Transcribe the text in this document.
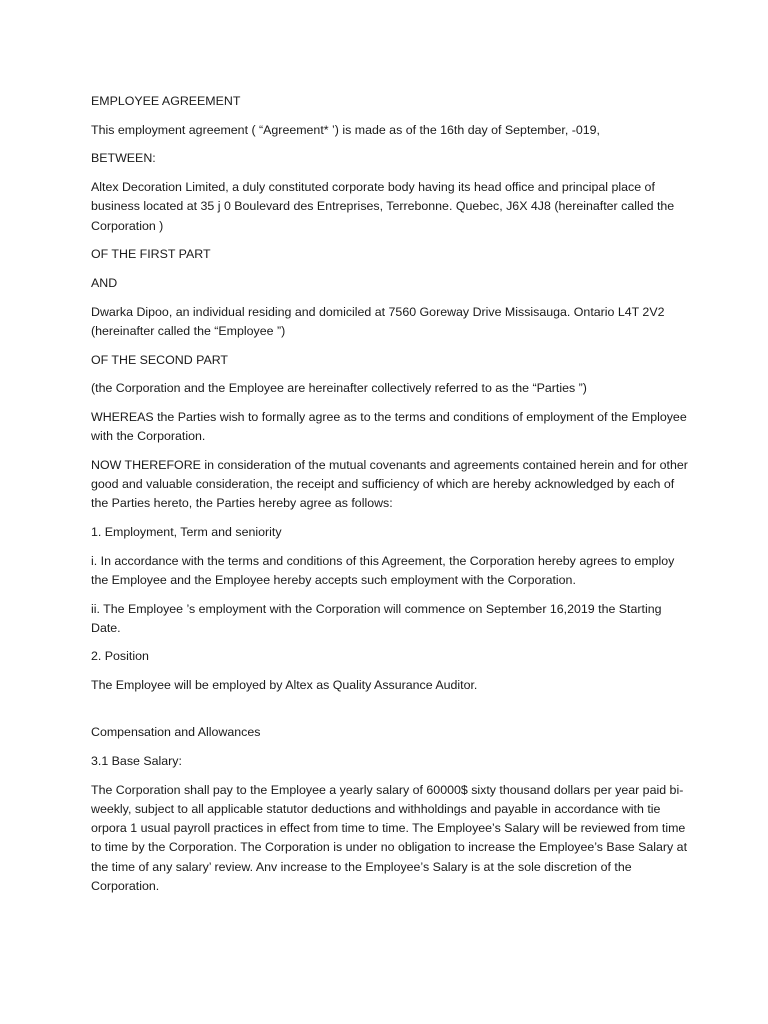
EMPLOYEE AGREEMENT

This employment agreement ( “Agreement* ’) is made as of the 16th day of September, -019,

BETWEEN:

Altex Decoration Limited, a duly constituted corporate body having its head office and principal place of business located at 35 j 0 Boulevard des Entreprises, Terrebonne. Quebec, J6X 4J8 (hereinafter called the Corporation )

OF THE FIRST PART

AND

Dwarka Dipoo, an individual residing and domiciled at 7560 Goreway Drive Missisauga. Ontario L4T 2V2 (hereinafter called the “Employee ”)

OF THE SECOND PART

(the Corporation and the Employee are hereinafter collectively referred to as the “Parties ”)

WHEREAS the Parties wish to formally agree as to the terms and conditions of employment of the Employee with the Corporation.

NOW THEREFORE in consideration of the mutual covenants and agreements contained herein and for other good and valuable consideration, the receipt and sufficiency of which are hereby acknowledged by each of the Parties hereto, the Parties hereby agree as follows:

1. Employment, Term and seniority

i. In accordance with the terms and conditions of this Agreement, the Corporation hereby agrees to employ the Employee and the Employee hereby accepts such employment with the Corporation.

ii. The Employee ’s employment with the Corporation will commence on September 16,2019 the Starting Date.

2. Position

The Employee will be employed by Altex as Quality Assurance Auditor.

Compensation and Allowances

3.1 Base Salary:

The Corporation shall pay to the Employee a yearly salary of 60000$ sixty thousand dollars per year paid bi-weekly, subject to all applicable statutor deductions and withholdings and payable in accordance with tie orpora 1 usual payroll practices in effect from time to time. The Employee’s Salary will be reviewed from time to time by the Corporation. The Corporation is under no obligation to increase the Employee’s Base Salary at the time of any salary’ review. Anv increase to the Employee’s Salary is at the sole discretion of the Corporation.
